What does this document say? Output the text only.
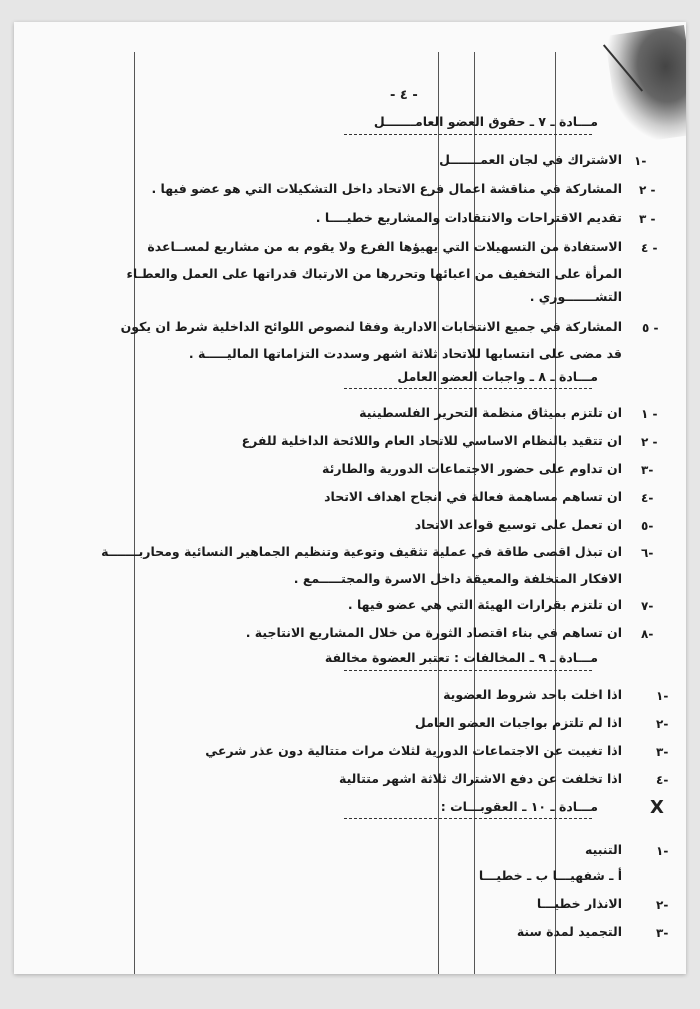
- ٤ -
مـــادة ـ ٧ ـ حقوق العضو العامـــــــل
١-
الاشتراك في لجان العمـــــــل
٢ -
المشاركة في مناقشة اعمال فرع الاتحاد داخل التشكيلات التي هو عضو فيها .
٣ -
تقديم الاقتراحات والانتقادات والمشاريع خطيــــا .
٤ -
الاستفادة من التسهيلات التي يهيؤها الفرع ولا يقوم به من مشاريع لمســاعدة
المرأة على التخفيف من اعبائها وتحررها من الارتباك قدراتها على العمل والعطـاء
التشـــــــوري .
٥ -
المشاركة في جميع الانتخابات الادارية وفقا لنصوص اللوائح الداخلية شرط ان يكون
قد مضى على انتسابها للاتحاد ثلاثة اشهر وسددت التزاماتها الماليـــــة .
مـــادة ـ ٨ ـ واجبات العضو العامل
١ -
ان تلتزم بميثاق منظمة التحرير الفلسطينية
٢ -
ان تتقيد بالنظام الاساسي للاتحاد العام واللائحة الداخلية للفرع
٣-
ان تداوم على حضور الاجتماعات الدورية والطارئة
٤-
ان تساهم مساهمة فعالة في انجاح اهداف الاتحاد
٥-
ان تعمل على توسيع قواعد الاتحاد
٦-
ان تبذل اقصى طاقة في عملية تثقيف وتوعية وتنظيم الجماهير النسائية ومحاربـــــــة
الافكار المتخلفة والمعيقة داخل الاسرة والمجتـــــمع .
٧-
ان تلتزم بقرارات الهيئة التي هي عضو فيها .
٨-
ان تساهم في بناء اقتصاد الثورة من خلال المشاريع الانتاجية .
مـــادة ـ ٩ ـ المخالفات : تعتبر العضوة مخالفة
١-
اذا اخلت باحد شروط العضوية
٢-
اذا لم تلتزم بواجبات العضو العامل
٣-
اذا تغيبت عن الاجتماعات الدورية لثلاث مرات متتالية دون عذر شرعي
٤-
اذا تخلفت عن دفع الاشتراك ثلاثة اشهر متتالية
X
مـــادة ـ ١٠ ـ العقوبـــات :
١-
التنبيه
أ ـ شفهيـــا ب ـ خطيـــا
٢-
الانذار خطيـــا
٣-
التجميد لمدة سنة
